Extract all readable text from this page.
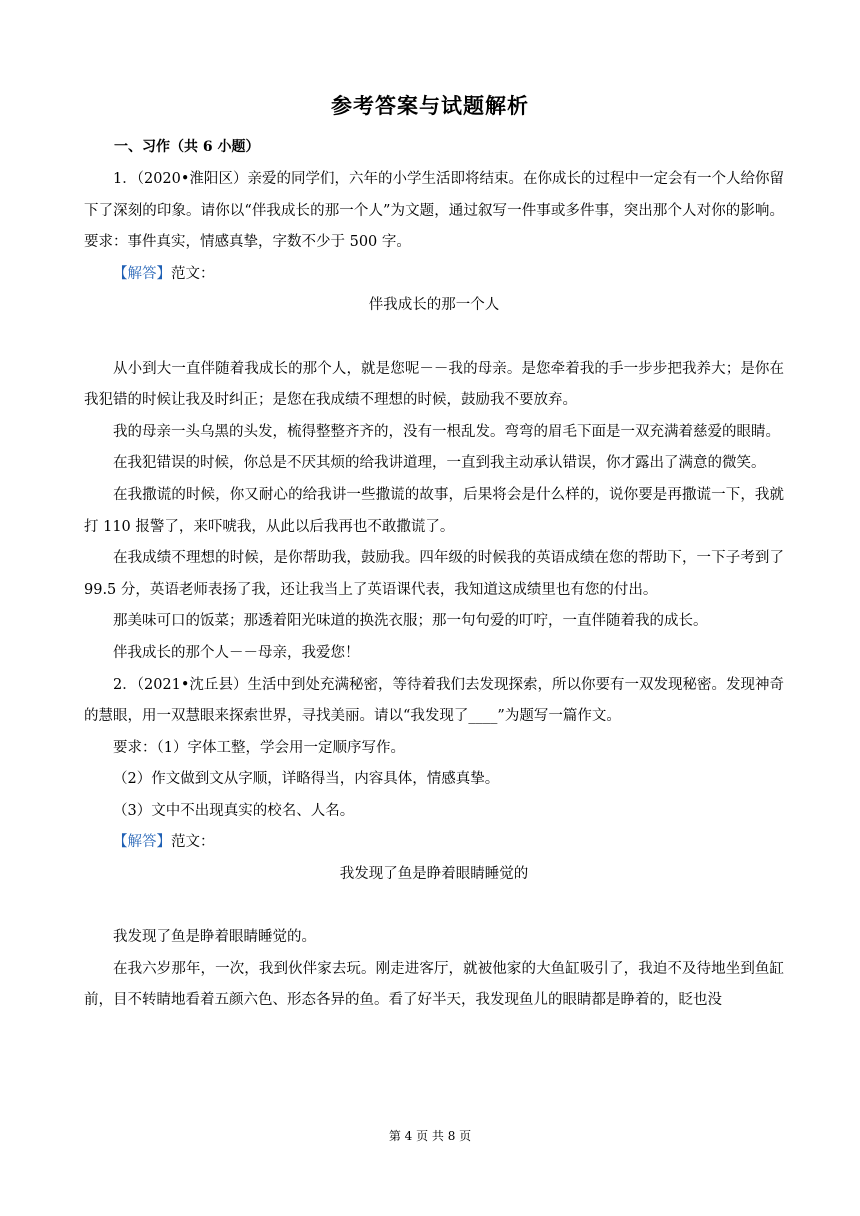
参考答案与试题解析
一、习作（共 6 小题）

1．（2020•淮阳区）亲爱的同学们，六年的小学生活即将结束。在你成长的过程中一定会有一个人给你留下了深刻的印象。请你以“伴我成长的那一个人”为文题，通过叙写一件事或多件事，突出那个人对你的影响。要求：事件真实，情感真挚，字数不少于 500 字。

【解答】范文：

伴我成长的那一个人

从小到大一直伴随着我成长的那个人，就是您呢－－我的母亲。是您牵着我的手一步步把我养大；是你在我犯错的时候让我及时纠正；是您在我成绩不理想的时候，鼓励我不要放弃。

我的母亲一头乌黑的头发，梳得整整齐齐的，没有一根乱发。弯弯的眉毛下面是一双充满着慈爱的眼睛。

在我犯错误的时候，你总是不厌其烦的给我讲道理，一直到我主动承认错误，你才露出了满意的微笑。

在我撒谎的时候，你又耐心的给我讲一些撒谎的故事，后果将会是什么样的，说你要是再撒谎一下，我就打 110 报警了，来吓唬我，从此以后我再也不敢撒谎了。

在我成绩不理想的时候，是你帮助我，鼓励我。四年级的时候我的英语成绩在您的帮助下，一下子考到了 99.5 分，英语老师表扬了我，还让我当上了英语课代表，我知道这成绩里也有您的付出。

那美味可口的饭菜；那透着阳光味道的换洗衣服；那一句句爱的叮咛，一直伴随着我的成长。

伴我成长的那个人－－母亲，我爱您！

2．（2021•沈丘县）生活中到处充满秘密，等待着我们去发现探索，所以你要有一双发现秘密。发现神奇的慧眼，用一双慧眼来探索世界，寻找美丽。请以“我发现了____”为题写一篇作文。

要求：（1）字体工整，学会用一定顺序写作。

（2）作文做到文从字顺，详略得当，内容具体，情感真挚。

（3）文中不出现真实的校名、人名。

【解答】范文：

我发现了鱼是睁着眼睛睡觉的

我发现了鱼是睁着眼睛睡觉的。

在我六岁那年，一次，我到伙伴家去玩。刚走进客厅，就被他家的大鱼缸吸引了，我迫不及待地坐到鱼缸前，目不转睛地看着五颜六色、形态各异的鱼。看了好半天，我发现鱼儿的眼睛都是睁着的，眨也没

第 4 页 共 8 页
